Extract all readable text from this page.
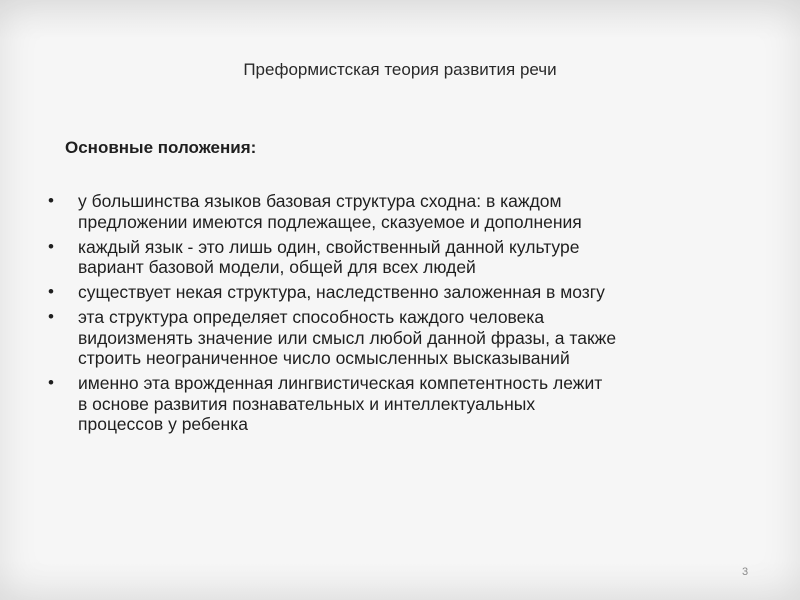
Преформистская теория развития речи
Основные положения:
• у большинства языков базовая структура сходна: в каждом
предложении имеются подлежащее, сказуемое и дополнения
• каждый язык - это лишь один, свойственный данной культуре
вариант базовой модели, общей для всех людей
• существует некая структура, наследственно заложенная в мозгу
• эта структура определяет способность каждого человека
видоизменять значение или смысл любой данной фразы, а также
строить неограниченное число осмысленных высказываний
• именно эта врожденная лингвистическая компетентность лежит
в основе развития познавательных и интеллектуальных
процессов у ребенка
3
